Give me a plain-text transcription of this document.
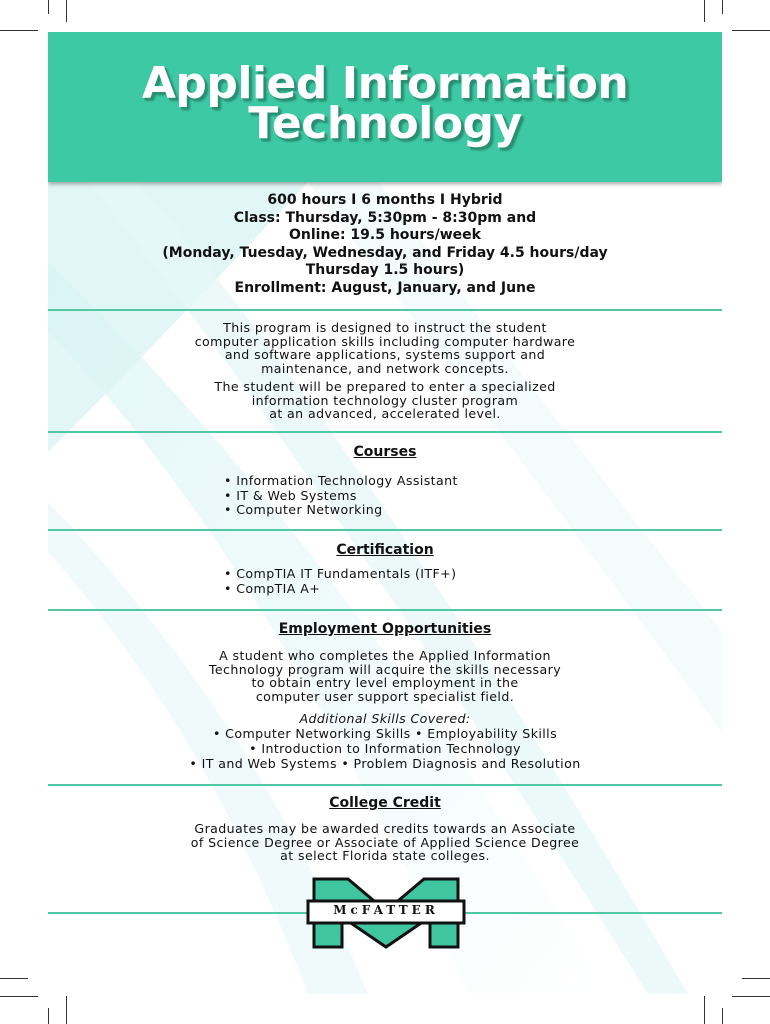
Applied Information
Technology
600 hours I 6 months I Hybrid
Class: Thursday, 5:30pm - 8:30pm and
Online: 19.5 hours/week
(Monday, Tuesday, Wednesday, and Friday 4.5 hours/day
Thursday 1.5 hours)
Enrollment: August, January, and June
This program is designed to instruct the student
computer application skills including computer hardware
and software applications, systems support and
maintenance, and network concepts.
The student will be prepared to enter a specialized
information technology cluster program
at an advanced, accelerated level.
Courses
• Information Technology Assistant
• IT & Web Systems
• Computer Networking
Certification
• CompTIA IT Fundamentals (ITF+)
• CompTIA A+
Employment Opportunities
A student who completes the Applied Information
Technology program will acquire the skills necessary
to obtain entry level employment in the
computer user support specialist field.
Additional Skills Covered:
• Computer Networking Skills • Employability Skills
• Introduction to Information Technology
• IT and Web Systems • Problem Diagnosis and Resolution
College Credit
Graduates may be awarded credits towards an Associate
of Science Degree or Associate of Applied Science Degree
at select Florida state colleges.
McFATTER
